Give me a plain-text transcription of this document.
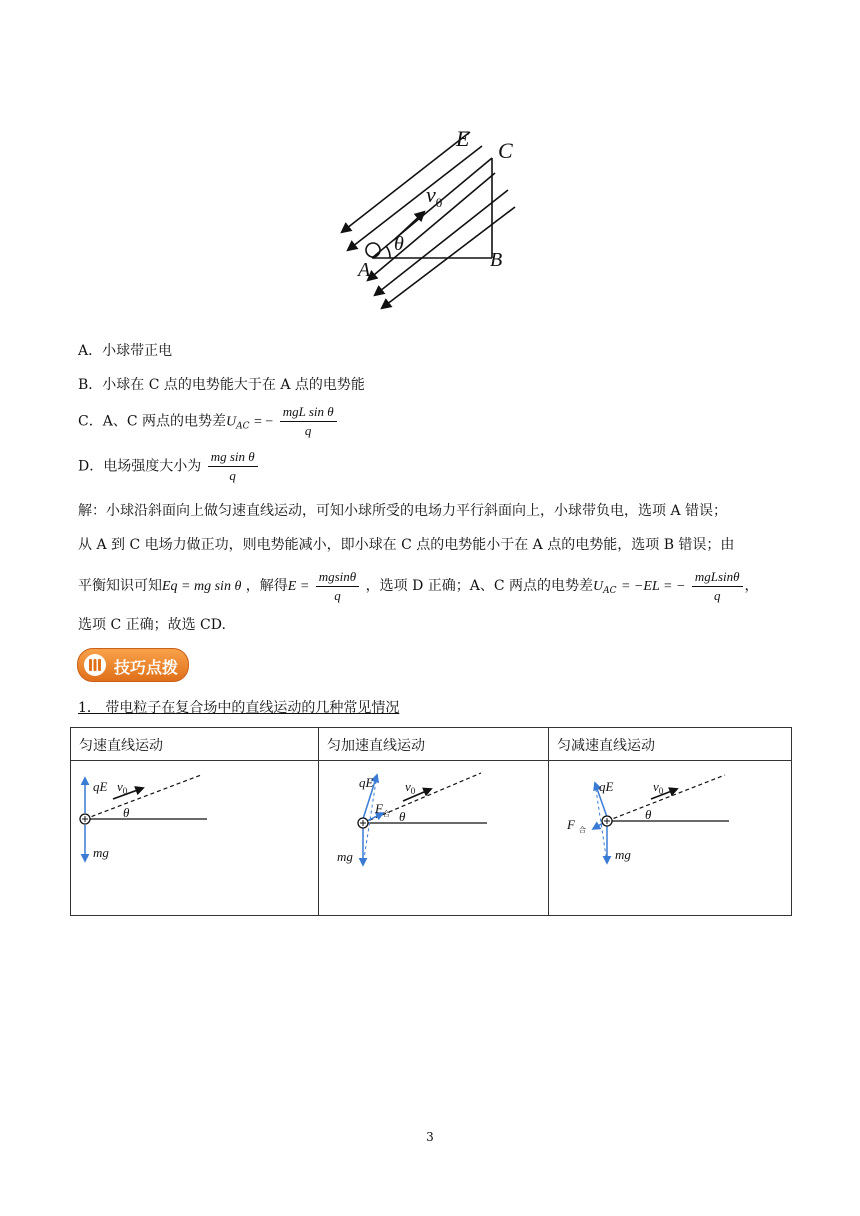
E C
$v_0$
θ
A	B
A．小球带正电
B．小球在 C 点的电势能大于在 A 点的电势能
C．A、C 两点的电势差$U_{AC}$ = − $\frac{\text{mgL sin θ}}{q}$
D．电场强度大小为 $\frac{\text{mg sin θ}}{q}$
解：小球沿斜面向上做匀速直线运动，可知小球所受的电场力平行斜面向上，小球带负电，选项 A 错误；
从 A 到 C 电场力做正功，则电势能减小，即小球在 C 点的电势能小于在 A 点的电势能，选项 B 错误；由
平衡知识可知Eq = mg sin θ ，解得$E = \frac{mgsin\theta}{q}$ ，选项 D 正确；A、C 两点的电势差$U_{AC} = -EL$ = − $\frac{\text{mgLsinθ}}{q}$ ，
选项 C 正确；故选 CD.
技巧点拨
1． 带电粒子在复合场中的直线运动的几种常见情况
匀速直线运动	匀加速直线运动	匀减速直线运动

qE $v_0$
θ
mg	qE $v_0$
$F_合$ θ
mg	qE $v_0$
F $_合$
θ
mg
3
